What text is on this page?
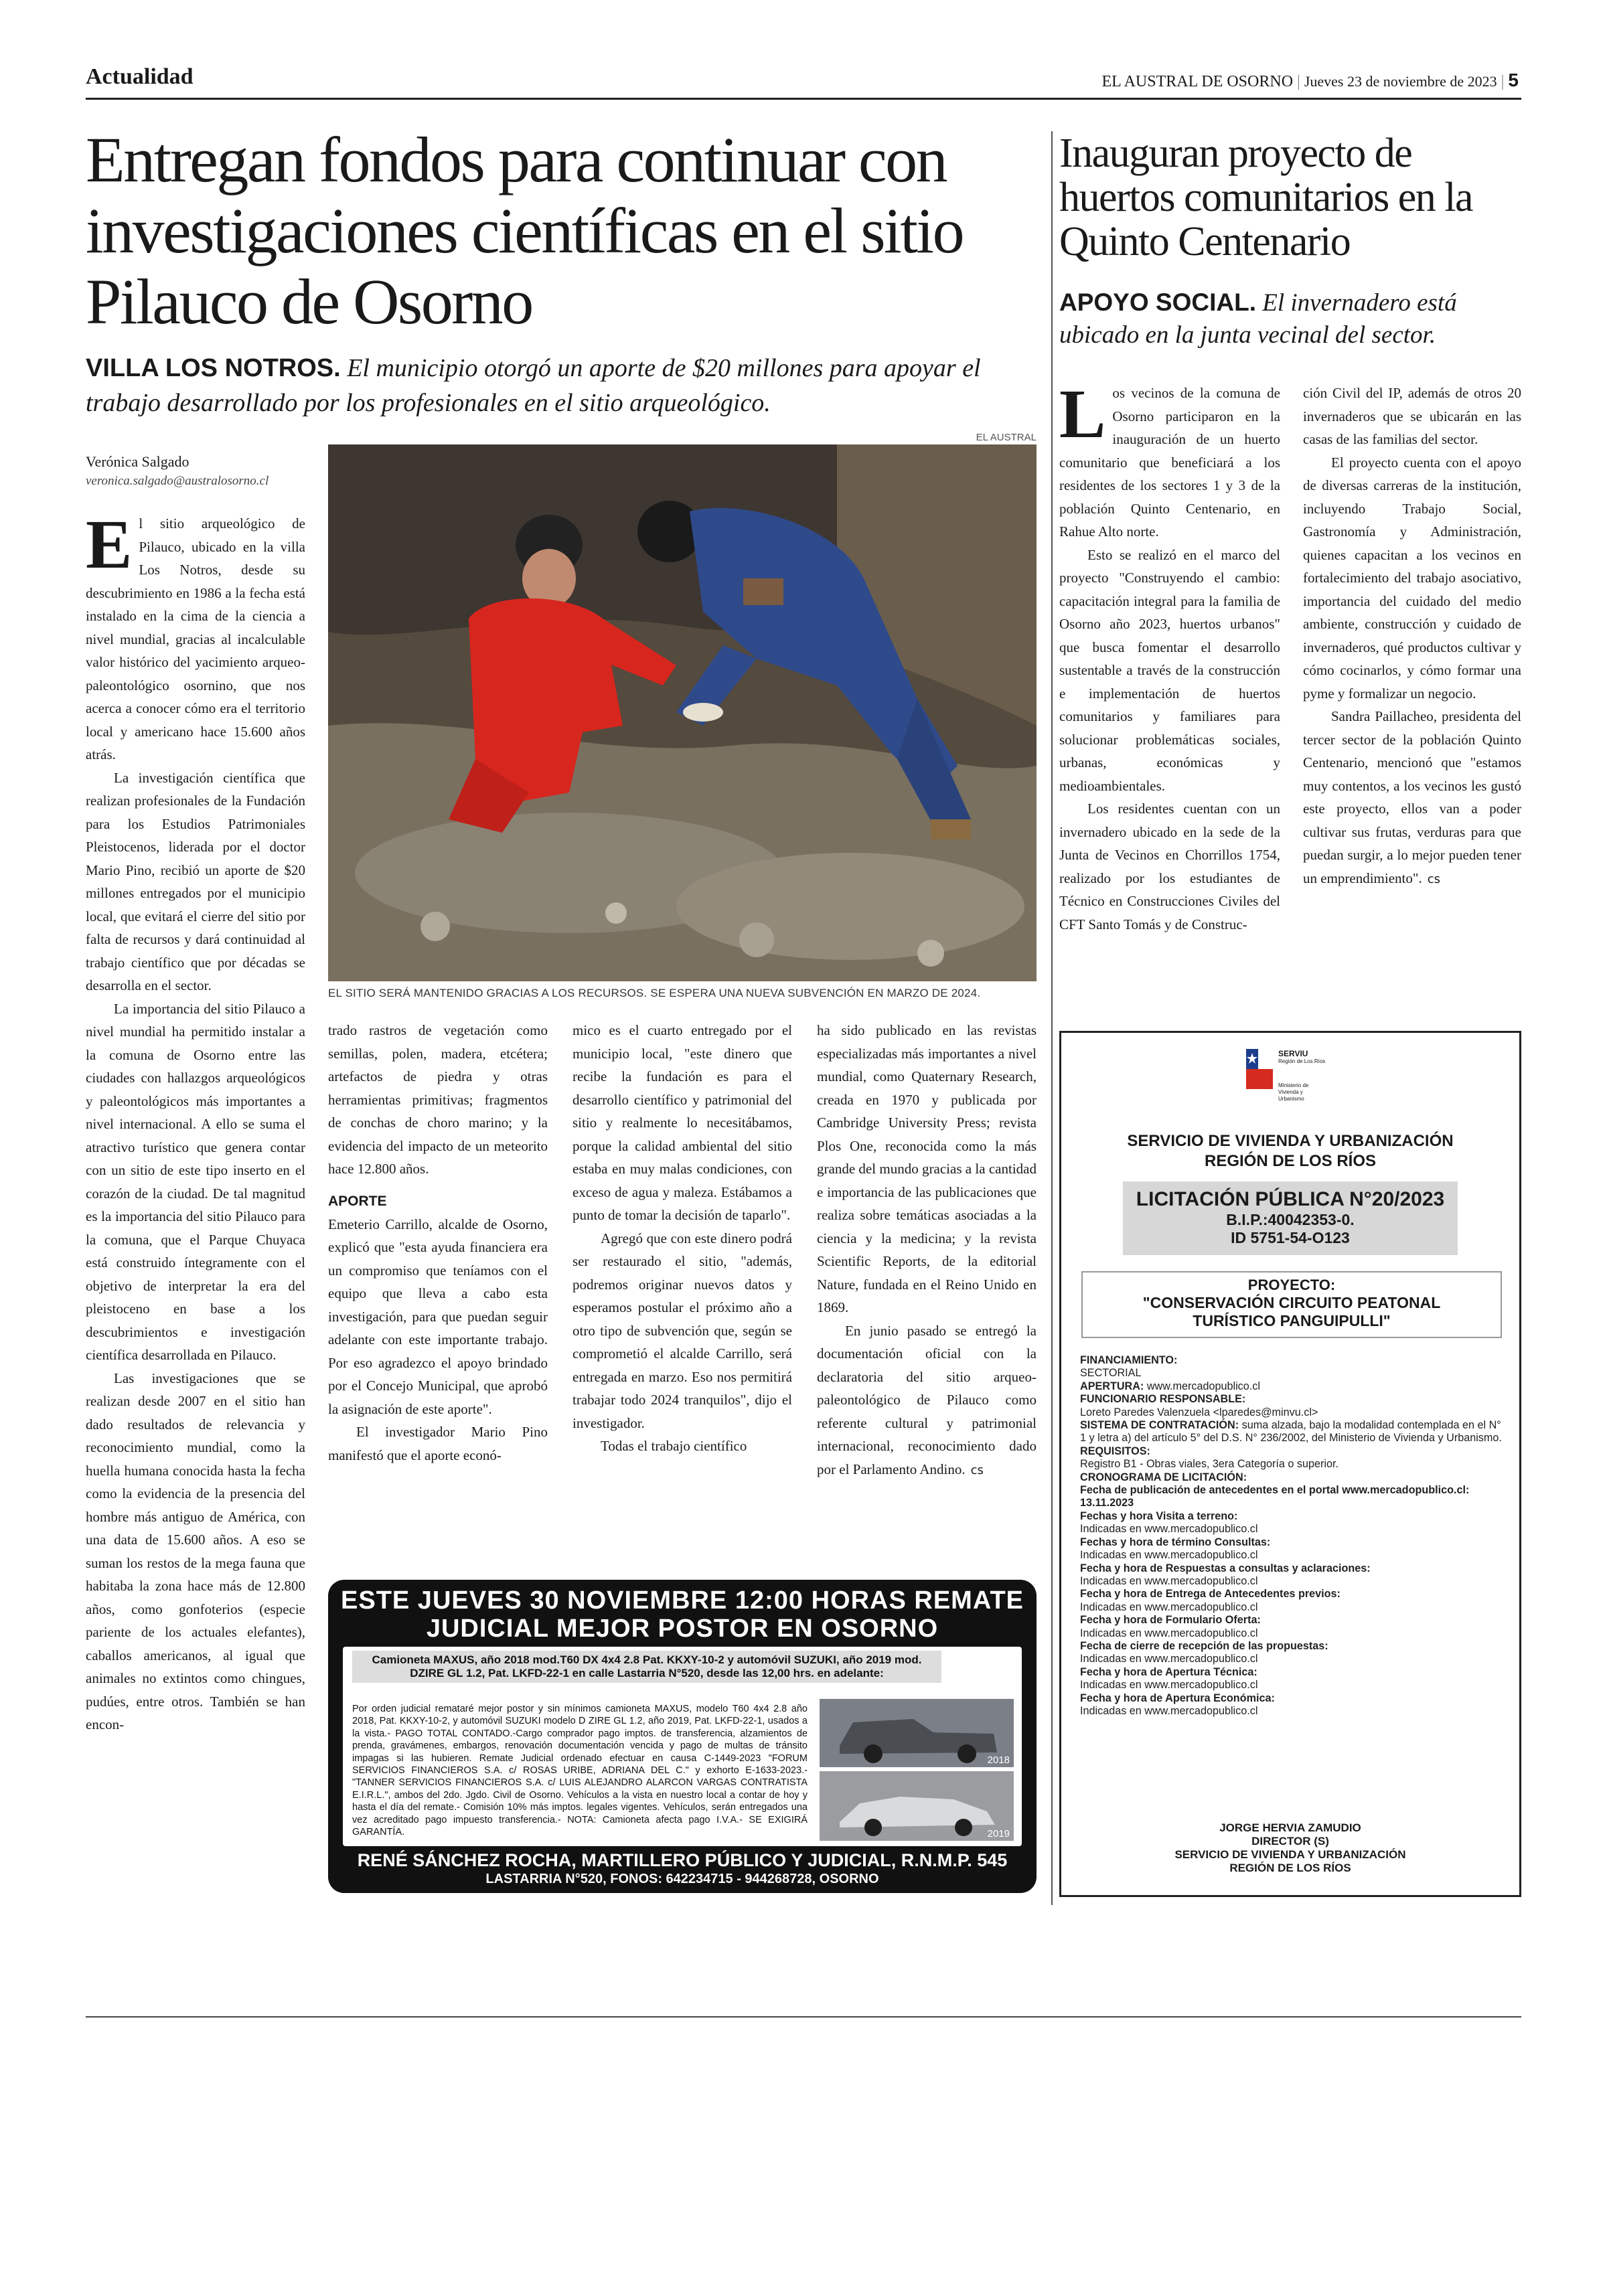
Actualidad	EL AUSTRAL DE OSORNO | Jueves 23 de noviembre de 2023 | 5
Entregan fondos para continuar con investigaciones científicas en el sitio Pilauco de Osorno
VILLA LOS NOTROS. El municipio otorgó un aporte de $20 millones para apoyar el trabajo desarrollado por los profesionales en el sitio arqueológico.
Verónica Salgado
veronica.salgado@australosorno.cl
EL AUSTRAL
EL SITIO SERÁ MANTENIDO GRACIAS A LOS RECURSOS. SE ESPERA UNA NUEVA SUBVENCIÓN EN MARZO DE 2024.

El sitio arqueológico de Pilauco, ubicado en la villa Los Notros, desde su descubrimiento en 1986 a la fecha está instalado en la cima de la ciencia a nivel mundial, gracias al incalculable valor histórico del yacimiento arqueo-paleontológico osornino, que nos acerca a conocer cómo era el territorio local y americano hace 15.600 años atrás.

La investigación científica que realizan profesionales de la Fundación para los Estudios Patrimoniales Pleistocenos, liderada por el doctor Mario Pino, recibió un aporte de $20 millones entregados por el municipio local, que evitará el cierre del sitio por falta de recursos y dará continuidad al trabajo científico que por décadas se desarrolla en el sector.

La importancia del sitio Pilauco a nivel mundial ha permitido instalar a la comuna de Osorno entre las ciudades con hallazgos arqueológicos y paleontológicos más importantes a nivel internacional. A ello se suma el atractivo turístico que genera contar con un sitio de este tipo inserto en el corazón de la ciudad. De tal magnitud es la importancia del sitio Pilauco para la comuna, que el Parque Chuyaca está construido íntegramente con el objetivo de interpretar la era del pleistoceno en base a los descubrimientos e investigación científica desarrollada en Pilauco.

Las investigaciones que se realizan desde 2007 en el sitio han dado resultados de relevancia y reconocimiento mundial, como la huella humana conocida hasta la fecha como la evidencia de la presencia del hombre más antiguo de América, con una data de 15.600 años. A eso se suman los restos de la mega fauna que habitaba la zona hace más de 12.800 años, como gonfoterios (especie pariente de los actuales elefantes), caballos americanos, al igual que animales no extintos como chingues, pudúes, entre otros. También se han encon-

trado rastros de vegetación como semillas, polen, madera, etcétera; artefactos de piedra y otras herramientas primitivas; fragmentos de conchas de choro marino; y la evidencia del impacto de un meteorito hace 12.800 años.

APORTE

Emeterio Carrillo, alcalde de Osorno, explicó que "esta ayuda financiera era un compromiso que teníamos con el equipo que lleva a cabo esta investigación, para que puedan seguir adelante con este importante trabajo. Por eso agradezco el apoyo brindado por el Concejo Municipal, que aprobó la asignación de este aporte".

El investigador Mario Pino manifestó que el aporte econó-

mico es el cuarto entregado por el municipio local, "este dinero que recibe la fundación es para el desarrollo científico y patrimonial del sitio y realmente lo necesitábamos, porque la calidad ambiental del sitio estaba en muy malas condiciones, con exceso de agua y maleza. Estábamos a punto de tomar la decisión de taparlo".

Agregó que con este dinero podrá ser restaurado el sitio, "además, podremos originar nuevos datos y esperamos postular el próximo año a otro tipo de subvención que, según se comprometió el alcalde Carrillo, será entregada en marzo. Eso nos permitirá trabajar todo 2024 tranquilos", dijo el investigador.

Todas el trabajo científico

ha sido publicado en las revistas especializadas más importantes a nivel mundial, como Quaternary Research, creada en 1970 y publicada por Cambridge University Press; revista Plos One, reconocida como la más grande del mundo gracias a la cantidad e importancia de las publicaciones que realiza sobre temáticas asociadas a la ciencia y la medicina; y la revista Scientific Reports, de la editorial Nature, fundada en el Reino Unido en 1869.

En junio pasado se entregó la documentación oficial con la declaratoria del sitio arqueo-paleontológico de Pilauco como referente cultural y patrimonial internacional, reconocimiento dado por el Parlamento Andino. cs

ESTE JUEVES 30 NOVIEMBRE 12:00 HORAS REMATE
JUDICIAL MEJOR POSTOR EN OSORNO
Camioneta MAXUS, año 2018 mod.T60 DX 4x4 2.8 Pat. KKXY-10-2 y automóvil SUZUKI, año 2019 mod. DZIRE GL 1.2, Pat. LKFD-22-1 en calle Lastarria N°520, desde las 12,00 hrs. en adelante:
Por orden judicial remataré mejor postor y sin mínimos camioneta MAXUS, modelo T60 4x4 2.8 año 2018, Pat. KKXY-10-2, y automóvil SUZUKI modelo D ZIRE GL 1.2, año 2019, Pat. LKFD-22-1, usados a la vista.- PAGO TOTAL CONTADO.-Cargo comprador pago imptos. de transferencia, alzamientos de prenda, gravámenes, embargos, renovación documentación vencida y pago de multas de tránsito impagas si las hubieren. Remate Judicial ordenado efectuar en causa C-1449-2023 "FORUM SERVICIOS FINANCIEROS S.A. c/ ROSAS URIBE, ADRIANA DEL C." y exhorto E-1633-2023.-"TANNER SERVICIOS FINANCIEROS S.A. c/ LUIS ALEJANDRO ALARCON VARGAS CONTRATISTA E.I.R.L.", ambos del 2do. Jgdo. Civil de Osorno. Vehículos a la vista en nuestro local a contar de hoy y hasta el día del remate.- Comisión 10% más imptos. legales vigentes. Vehículos, serán entregados una vez acreditado pago impuesto transferencia.- NOTA: Camioneta afecta pago I.V.A.- SE EXIGIRÁ GARANTÍA.
2018
2019
RENÉ SÁNCHEZ ROCHA, MARTILLERO PÚBLICO Y JUDICIAL, R.N.M.P. 545
LASTARRIA N°520, FONOS: 642234715 - 944268728, OSORNO
Inauguran proyecto de huertos comunitarios en la Quinto Centenario
APOYO SOCIAL. El invernadero está ubicado en la junta vecinal del sector.

Los vecinos de la comuna de Osorno participaron en la inauguración de un huerto comunitario que beneficiará a los residentes de los sectores 1 y 3 de la población Quinto Centenario, en Rahue Alto norte.

Esto se realizó en el marco del proyecto "Construyendo el cambio: capacitación integral para la familia de Osorno año 2023, huertos urbanos" que busca fomentar el desarrollo sustentable a través de la construcción e implementación de huertos comunitarios y familiares para solucionar problemáticas sociales, urbanas, económicas y medioambientales.

Los residentes cuentan con un invernadero ubicado en la sede de la Junta de Vecinos en Chorrillos 1754, realizado por los estudiantes de Técnico en Construcciones Civiles del CFT Santo Tomás y de Construc-

ción Civil del IP, además de otros 20 invernaderos que se ubicarán en las casas de las familias del sector.

El proyecto cuenta con el apoyo de diversas carreras de la institución, incluyendo Trabajo Social, Gastronomía y Administración, quienes capacitan a los vecinos en fortalecimiento del trabajo asociativo, importancia del cuidado del medio ambiente, construcción y cuidado de invernaderos, qué productos cultivar y cómo cocinarlos, y cómo formar una pyme y formalizar un negocio.

Sandra Paillacheo, presidenta del tercer sector de la población Quinto Centenario, mencionó que "estamos muy contentos, a los vecinos les gustó este proyecto, ellos van a poder cultivar sus frutas, verduras para que puedan surgir, a lo mejor pueden tener un emprendimiento". cs

SERVIU
Región de Los Ríos
Ministerio de Vivienda y Urbanismo
SERVICIO DE VIVIENDA Y URBANIZACIÓN
REGIÓN DE LOS RÍOS
LICITACIÓN PÚBLICA N°20/2023
B.I.P.:40042353-0.
ID 5751-54-O123
PROYECTO:
"CONSERVACIÓN CIRCUITO PEATONAL TURÍSTICO PANGUIPULLI"
FINANCIAMIENTO:
SECTORIAL
APERTURA: www.mercadopublico.cl
FUNCIONARIO RESPONSABLE:
Loreto Paredes Valenzuela <lparedes@minvu.cl>
SISTEMA DE CONTRATACIÓN: suma alzada, bajo la modalidad contemplada en el N° 1 y letra a) del artículo 5° del D.S. N° 236/2002, del Ministerio de Vivienda y Urbanismo.
REQUISITOS:
Registro B1 - Obras viales, 3era Categoría o superior.
CRONOGRAMA DE LICITACIÓN:
Fecha de publicación de antecedentes en el portal www.mercadopublico.cl: 13.11.2023
Fechas y hora Visita a terreno:
Indicadas en www.mercadopublico.cl
Fechas y hora de término Consultas:
Indicadas en www.mercadopublico.cl
Fecha y hora de Respuestas a consultas y aclaraciones:
Indicadas en www.mercadopublico.cl
Fecha y hora de Entrega de Antecedentes previos:
Indicadas en www.mercadopublico.cl
Fecha y hora de Formulario Oferta:
Indicadas en www.mercadopublico.cl
Fecha de cierre de recepción de las propuestas:
Indicadas en www.mercadopublico.cl
Fecha y hora de Apertura Técnica:
Indicadas en www.mercadopublico.cl
Fecha y hora de Apertura Económica:
Indicadas en www.mercadopublico.cl
JORGE HERVIA ZAMUDIO
DIRECTOR (S)
SERVICIO DE VIVIENDA Y URBANIZACIÓN
REGIÓN DE LOS RÍOS
